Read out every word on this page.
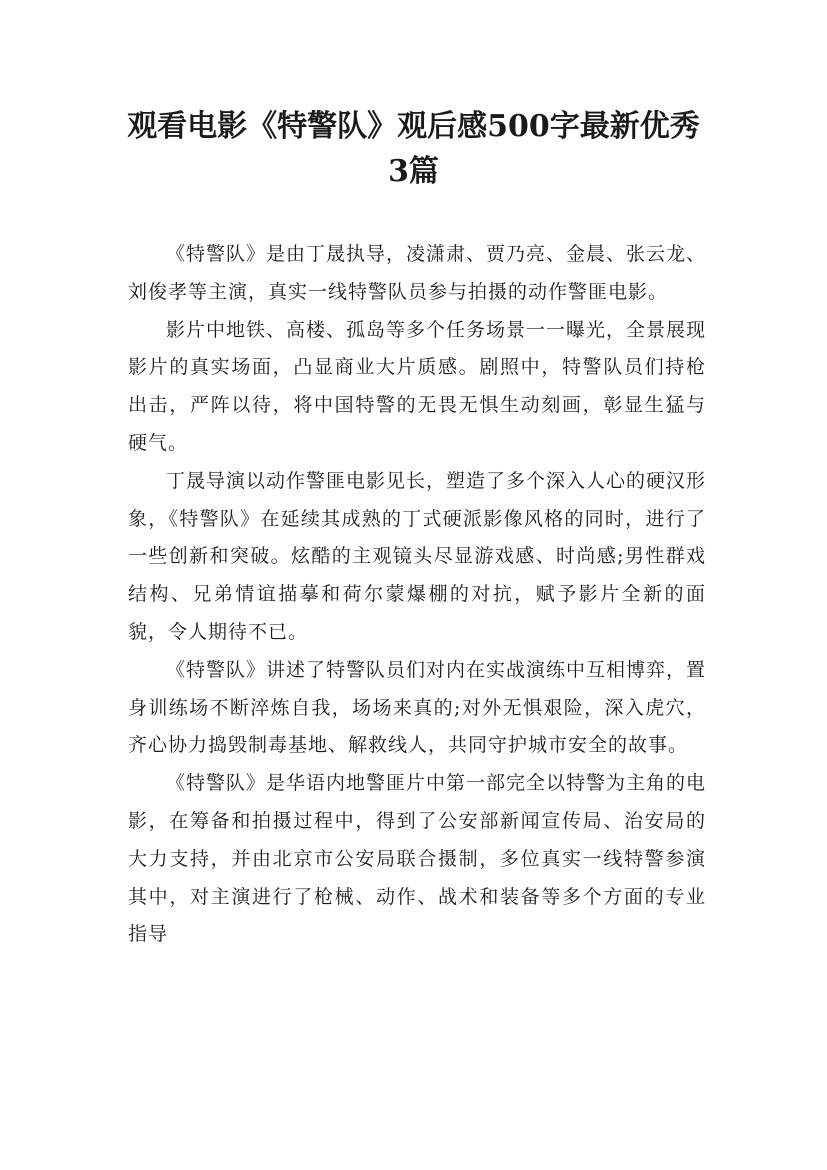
观看电影《特警队》观后感500字最新优秀
3篇

《特警队》是由丁晟执导，凌潇肃、贾乃亮、金晨、张云龙、刘俊孝等主演，真实一线特警队员参与拍摄的动作警匪电影。

影片中地铁、高楼、孤岛等多个任务场景一一曝光，全景展现影片的真实场面，凸显商业大片质感。剧照中，特警队员们持枪出击，严阵以待，将中国特警的无畏无惧生动刻画，彰显生猛与硬气。

丁晟导演以动作警匪电影见长，塑造了多个深入人心的硬汉形象，《特警队》在延续其成熟的丁式硬派影像风格的同时，进行了一些创新和突破。炫酷的主观镜头尽显游戏感、时尚感;男性群戏结构、兄弟情谊描摹和荷尔蒙爆棚的对抗，赋予影片全新的面貌，令人期待不已。

《特警队》讲述了特警队员们对内在实战演练中互相博弈，置身训练场不断淬炼自我，场场来真的;对外无惧艰险，深入虎穴，齐心协力捣毁制毒基地、解救线人，共同守护城市安全的故事。

《特警队》是华语内地警匪片中第一部完全以特警为主角的电影，在筹备和拍摄过程中，得到了公安部新闻宣传局、治安局的大力支持，并由北京市公安局联合摄制，多位真实一线特警参演其中，对主演进行了枪械、动作、战术和装备等多个方面的专业指导
